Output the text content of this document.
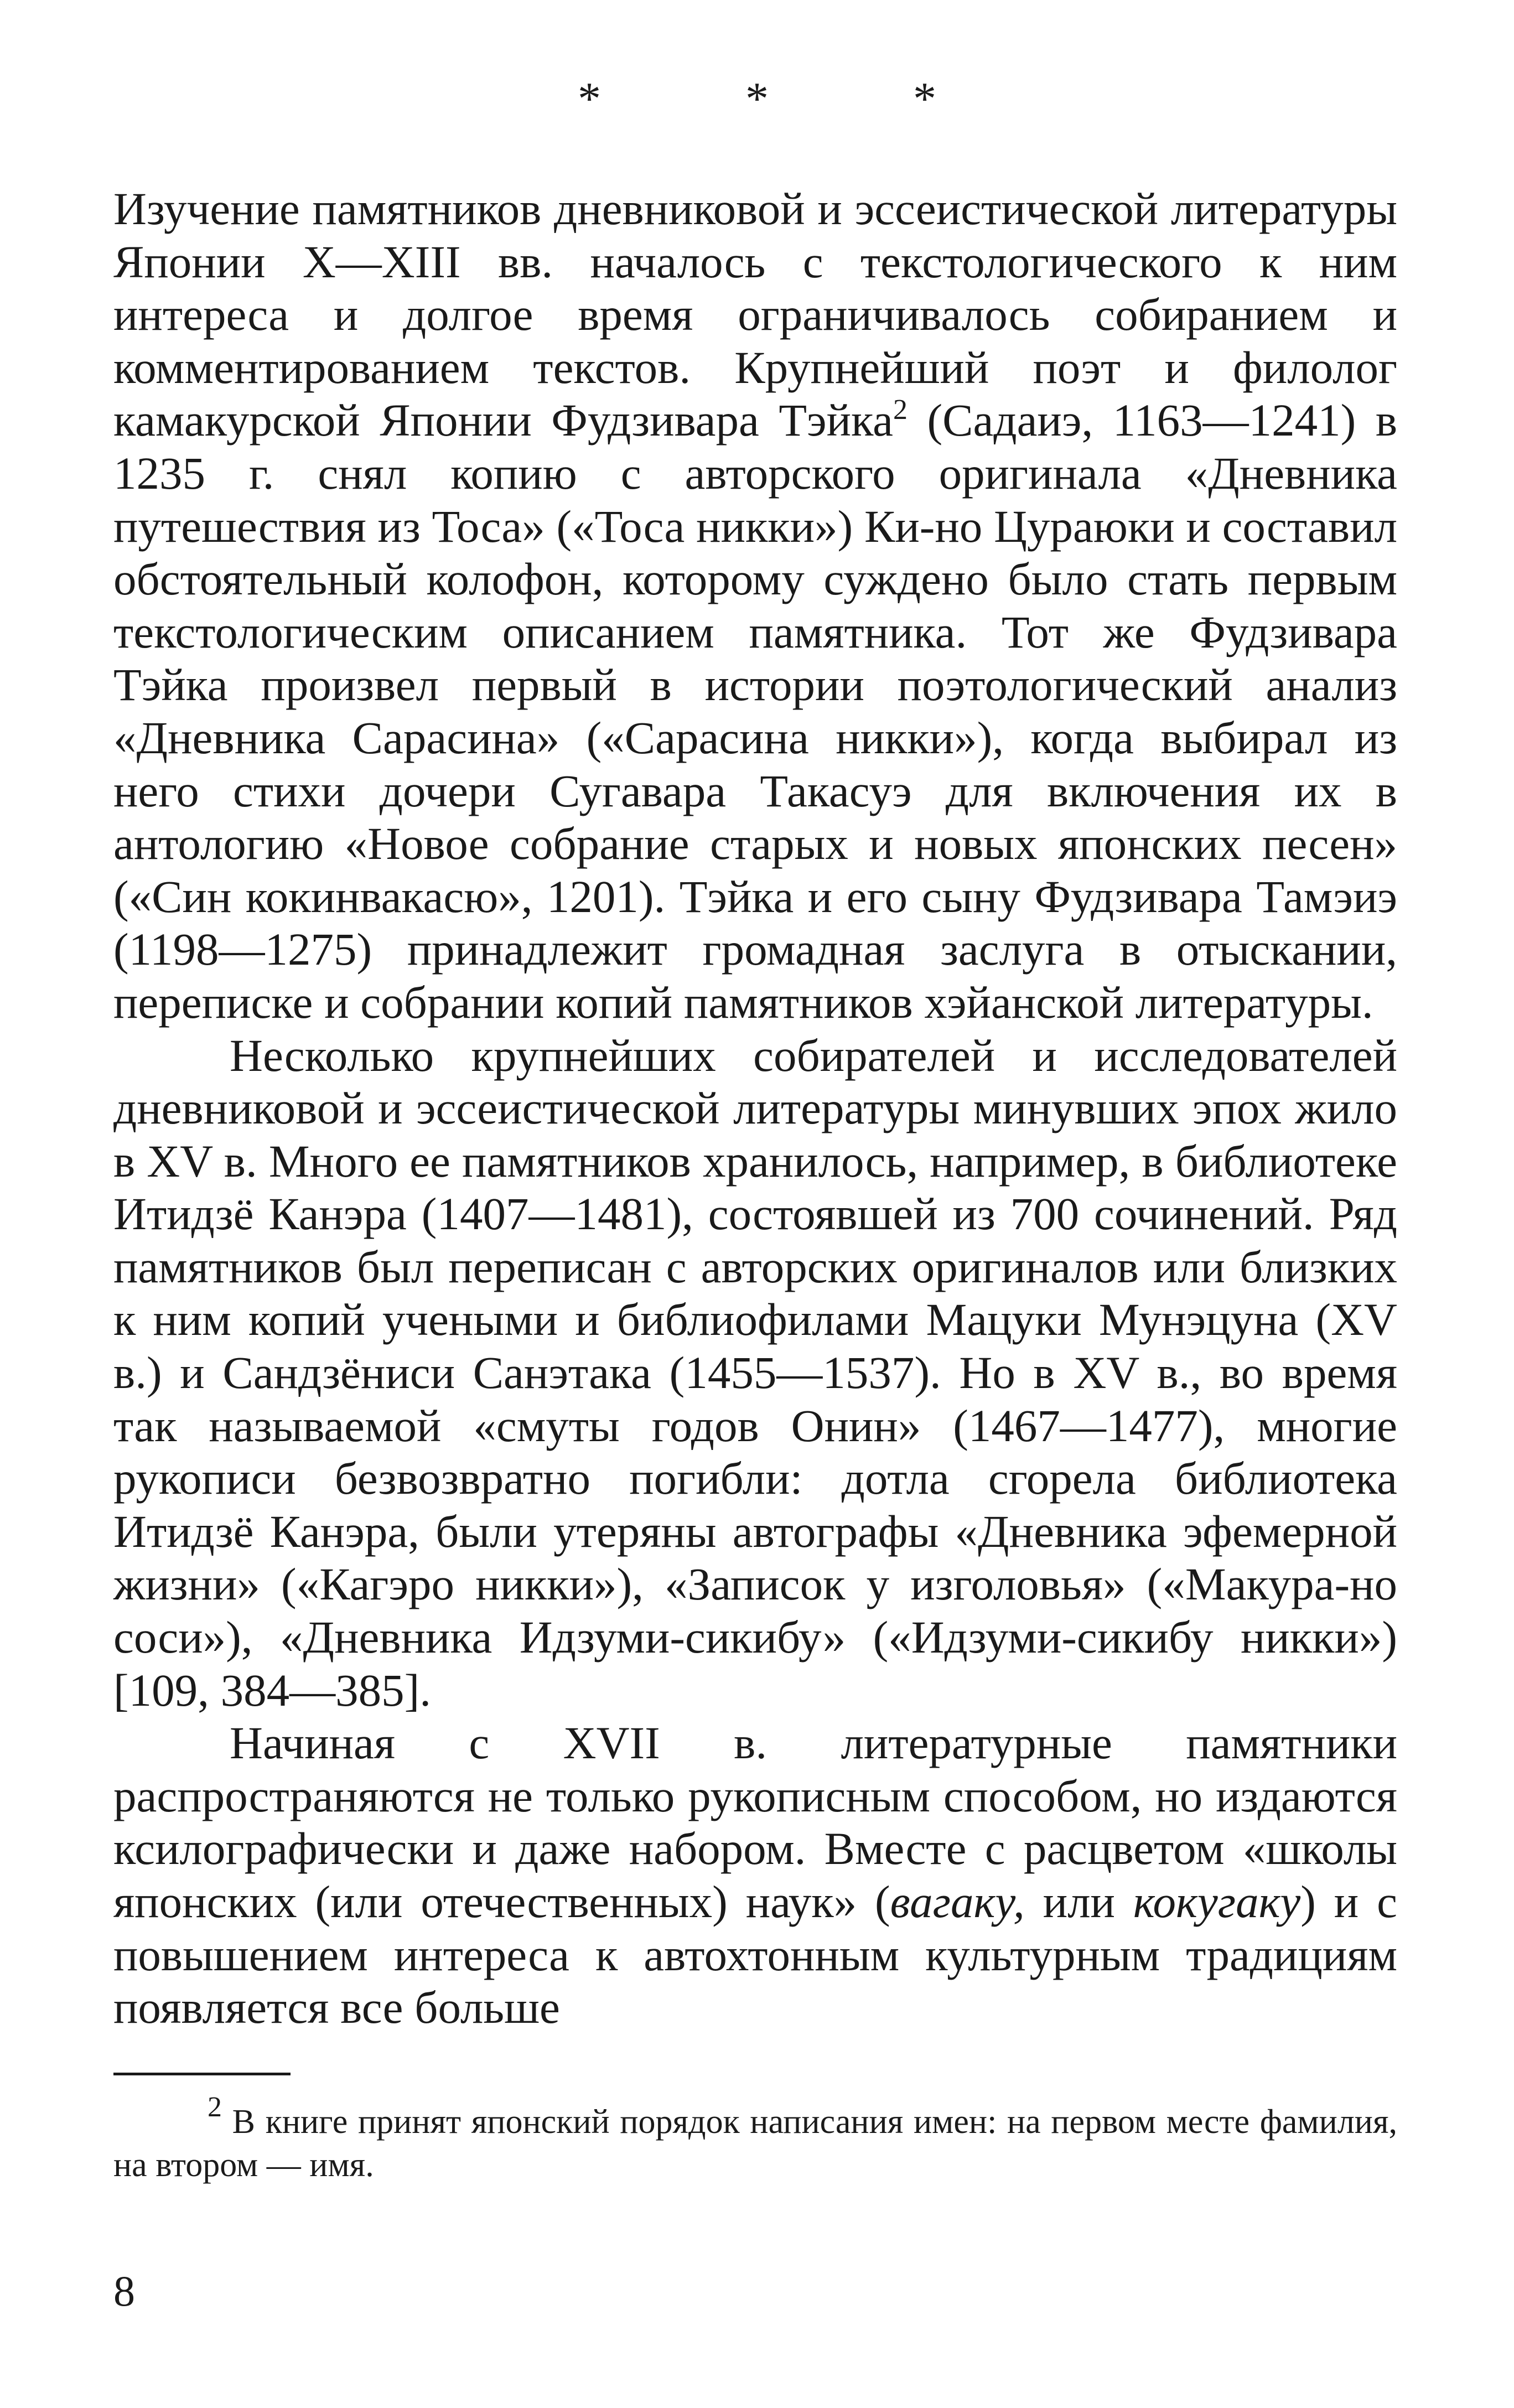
* * *

Изучение памятников дневниковой и эссеистической литературы Японии X—XIII вв. началось с текстологического к ним интереса и долгое время ограничивалось собиранием и комментированием текстов. Крупнейший поэт и филолог камакурской Японии Фудзивара Тэйка$^2$ (Садаиэ, 1163—1241) в 1235 г. снял копию с авторского оригинала «Дневника путешествия из Тоса» («Тоса никки») Ки-но Цураюки и составил обстоятельный колофон, которому суждено было стать первым текстологическим описанием памятника. Тот же Фудзивара Тэйка произвел первый в истории поэтологический анализ «Дневника Сарасина» («Сарасина никки»), когда выбирал из него стихи дочери Сугавара Такасуэ для включения их в антологию «Новое собрание старых и новых японских песен» («Син кокинвакасю», 1201). Тэйка и его сыну Фудзивара Тамэиэ (1198—1275) принадлежит громадная заслуга в отыскании, переписке и собрании копий памятников хэйанской литературы.

Несколько крупнейших собирателей и исследователей дневниковой и эссеистической литературы минувших эпох жило в XV в. Много ее памятников хранилось, например, в библиотеке Итидзё Канэра (1407—1481), состоявшей из 700 сочинений. Ряд памятников был переписан с авторских оригиналов или близких к ним копий учеными и библиофилами Мацуки Мунэцуна (XV в.) и Сандзёниси Санэтака (1455—1537). Но в XV в., во время так называемой «смуты годов Онин» (1467—1477), многие рукописи безвозвратно погибли: дотла сгорела библиотека Итидзё Канэра, были утеряны автографы «Дневника эфемерной жизни» («Кагэро никки»), «Записок у изголовья» («Макура-но соси»), «Дневника Идзуми-сикибу» («Идзуми-сикибу никки») [109, 384—385].

Начиная с XVII в. литературные памятники распространяются не только рукописным способом, но издаются ксилографически и даже набором. Вместе с расцветом «школы японских (или отечественных) наук» (вагаку, или кокугаку) и с повышением интереса к автохтонным культурным традициям появляется все больше

$^2$ В книге принят японский порядок написания имен: на первом месте фамилия, на втором — имя.

8
